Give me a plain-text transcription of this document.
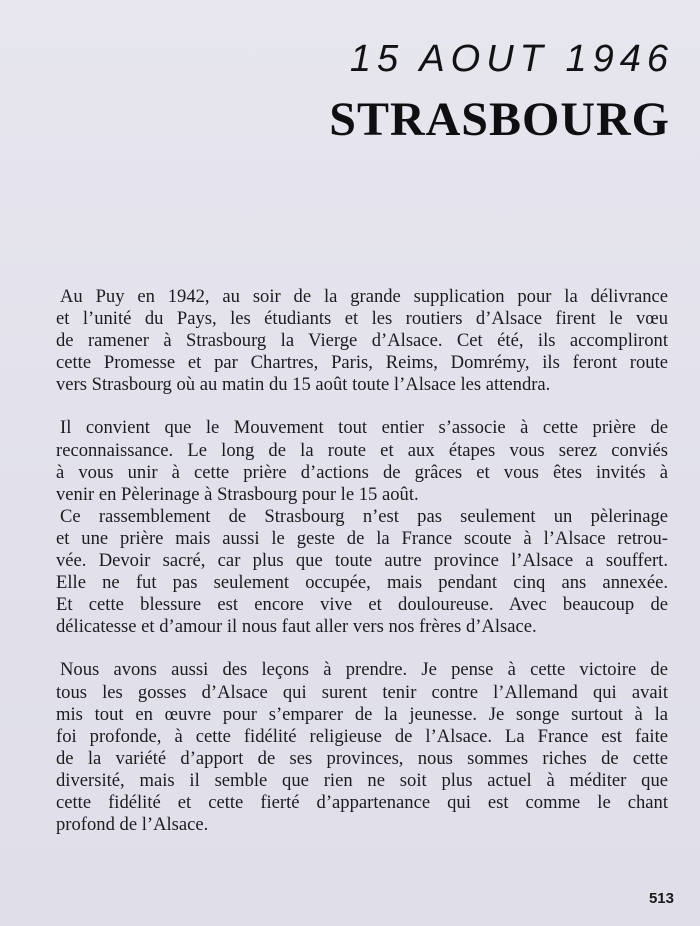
15 AOUT 1946
STRASBOURG
Au Puy en 1942, au soir de la grande supplication pour la délivrance
et l’unité du Pays, les étudiants et les routiers d’Alsace firent le vœu
de ramener à Strasbourg la Vierge d’Alsace. Cet été, ils accompliront
cette Promesse et par Chartres, Paris, Reims, Domrémy, ils feront route
vers Strasbourg où au matin du 15 août toute l’Alsace les attendra.
Il convient que le Mouvement tout entier s’associe à cette prière de
reconnaissance. Le long de la route et aux étapes vous serez conviés
à vous unir à cette prière d’actions de grâces et vous êtes invités à
venir en Pèlerinage à Strasbourg pour le 15 août.
Ce rassemblement de Strasbourg n’est pas seulement un pèlerinage
et une prière mais aussi le geste de la France scoute à l’Alsace retrou-
vée. Devoir sacré, car plus que toute autre province l’Alsace a souffert.
Elle ne fut pas seulement occupée, mais pendant cinq ans annexée.
Et cette blessure est encore vive et douloureuse. Avec beaucoup de
délicatesse et d’amour il nous faut aller vers nos frères d’Alsace.
Nous avons aussi des leçons à prendre. Je pense à cette victoire de
tous les gosses d’Alsace qui surent tenir contre l’Allemand qui avait
mis tout en œuvre pour s’emparer de la jeunesse. Je songe surtout à la
foi profonde, à cette fidélité religieuse de l’Alsace. La France est faite
de la variété d’apport de ses provinces, nous sommes riches de cette
diversité, mais il semble que rien ne soit plus actuel à méditer que
cette fidélité et cette fierté d’appartenance qui est comme le chant
profond de l’Alsace.
513
